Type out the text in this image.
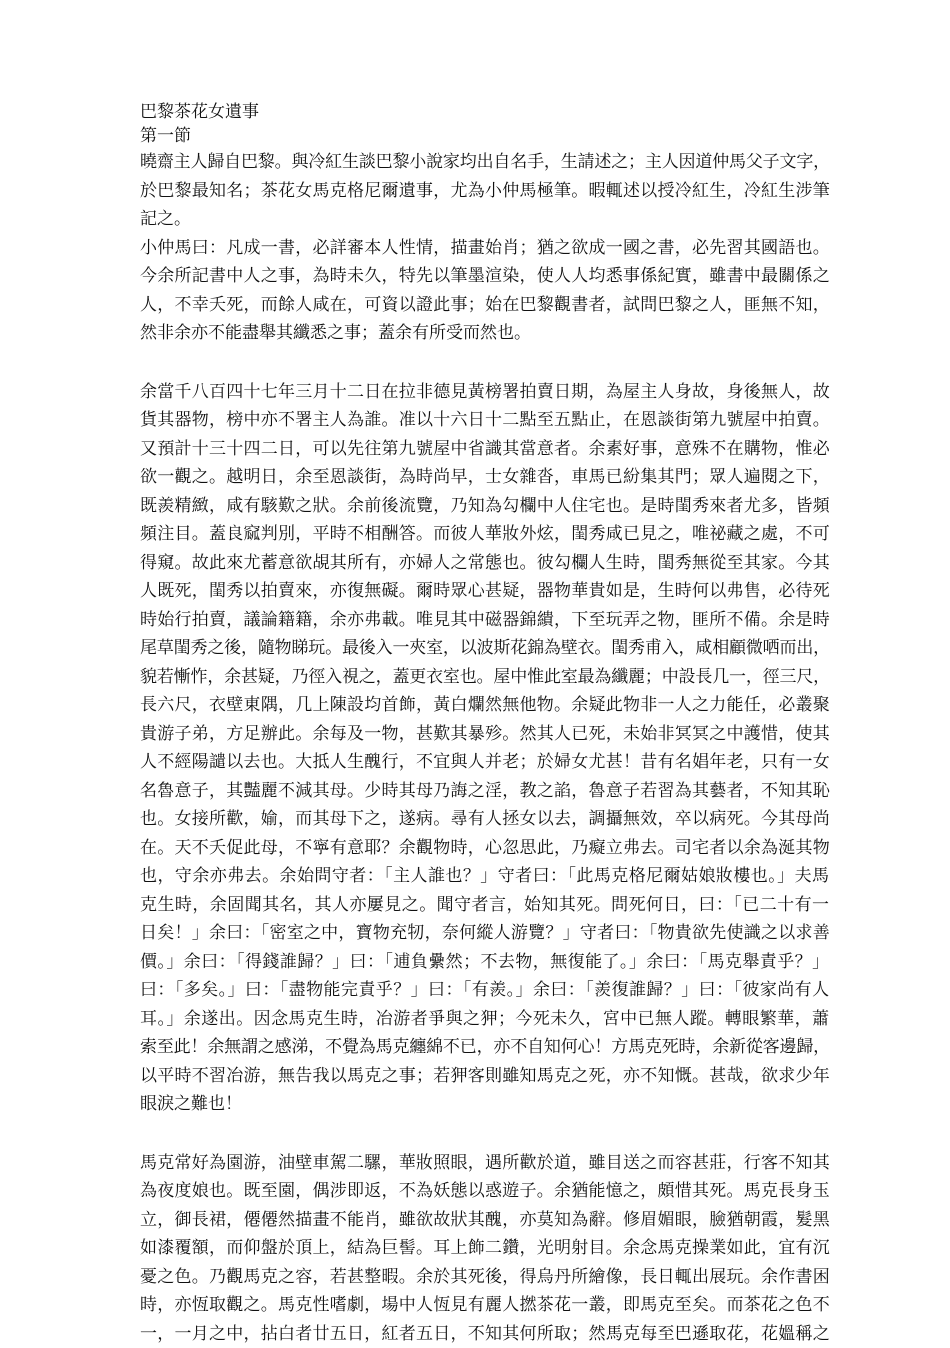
巴黎茶花女遺事
第一節
曉齋主人歸自巴黎。與冷紅生談巴黎小說家均出自名手，生請述之；主人因道仲馬父子文字，
於巴黎最知名；茶花女馬克格尼爾遺事，尤為小仲馬極筆。暇輒述以授冷紅生，冷紅生涉筆
記之。
小仲馬曰：凡成一書，必詳審本人性情，描畫始肖；猶之欲成一國之書，必先習其國語也。
今余所記書中人之事，為時未久，特先以筆墨渲染，使人人均悉事係紀實，雖書中最關係之
人，不幸夭死，而餘人咸在，可資以證此事；始在巴黎觀書者，試問巴黎之人，匪無不知，
然非余亦不能盡舉其纖悉之事；蓋余有所受而然也。
余當千八百四十七年三月十二日在拉非德見黃榜署拍賣日期，為屋主人身故，身後無人，故
貨其器物，榜中亦不署主人為誰。准以十六日十二點至五點止，在恩談街第九號屋中拍賣。
又預計十三十四二日，可以先往第九號屋中省識其當意者。余素好事，意殊不在購物，惟必
欲一觀之。越明日，余至恩談街，為時尚早，士女雜沓，車馬已紛集其門；眾人遍閱之下，
既羨精緻，咸有駭歎之狀。余前後流覽，乃知為勾欄中人住宅也。是時閨秀來者尤多，皆頻
頻注目。蓋良窳判別，平時不相酬答。而彼人華妝外炫，閨秀咸已見之，唯祕藏之處，不可
得窺。故此來尤蓄意欲覘其所有，亦婦人之常態也。彼勾欄人生時，閨秀無從至其家。今其
人既死，閨秀以拍賣來，亦復無礙。爾時眾心甚疑，器物華貴如是，生時何以弗售，必待死
時始行拍賣，議論籍籍，余亦弗載。唯見其中磁器錦繢，下至玩弄之物，匪所不備。余是時
尾草閨秀之後，隨物睇玩。最後入一夾室，以波斯花錦為壁衣。閨秀甫入，咸相顧微哂而出，
貌若慚怍，余甚疑，乃徑入視之，蓋更衣室也。屋中惟此室最為纖麗；中設長几一，徑三尺，
長六尺，衣壁東隅，几上陳設均首飾，黃白爛然無他物。余疑此物非一人之力能任，必叢聚
貴游子弟，方足辦此。余每及一物，甚歎其暴殄。然其人已死，未始非冥冥之中護惜，使其
人不經陽譴以去也。大抵人生醜行，不宜與人并老；於婦女尤甚！昔有名娼年老，只有一女
名魯意子，其豔麗不減其母。少時其母乃誨之淫，教之諂，魯意子若習為其藝者，不知其恥
也。女接所歡，媮，而其母下之，遂病。尋有人拯女以去，調攝無效，卒以病死。今其母尚
在。天不夭促此母，不寧有意耶？余觀物時，心忽思此，乃癡立弗去。司宅者以余為涎其物
也，守余亦弗去。余始問守者：「主人誰也？」守者曰：「此馬克格尼爾姑娘妝樓也。」夫馬
克生時，余固聞其名，其人亦屢見之。聞守者言，始知其死。問死何日，曰：「已二十有一
日矣！」余曰：「密室之中，寶物充牣，奈何縱人游覽？」守者曰：「物貴欲先使識之以求善
價。」余曰：「得錢誰歸？」曰：「逋負纍然；不去物，無復能了。」余曰：「馬克舉責乎？」
曰：「多矣。」曰：「盡物能完責乎？」曰：「有羨。」余曰：「羨復誰歸？」曰：「彼家尚有人
耳。」余遂出。因念馬克生時，冶游者爭與之狎；今死未久，宮中已無人蹤。轉眼繁華，蕭
索至此！余無謂之感涕，不覺為馬克纏綿不已，亦不自知何心！方馬克死時，余新從客邊歸，
以平時不習冶游，無告我以馬克之事；若狎客則雖知馬克之死，亦不知慨。甚哉，欲求少年
眼淚之難也！
馬克常好為園游，油壁車駕二騾，華妝照眼，遇所歡於道，雖目送之而容甚莊，行客不知其
為夜度娘也。既至園，偶涉即返，不為妖態以惑遊子。余猶能憶之，頗惜其死。馬克長身玉
立，御長裙，僊僊然描畫不能肖，雖欲故狀其醜，亦莫知為辭。修眉媚眼，臉猶朝霞，髮黑
如漆覆額，而仰盤於頂上，結為巨髻。耳上飾二鑽，光明射目。余念馬克操業如此，宜有沉
憂之色。乃觀馬克之容，若甚整暇。余於其死後，得烏丹所繪像，長日輒出展玩。余作書困
時，亦恆取觀之。馬克性嗜劇，場中人恆見有麗人撚茶花一叢，即馬克至矣。而茶花之色不
一，一月之中，拈白者廿五日，紅者五日，不知其何所取；然馬克每至巴遜取花，花媼稱之
